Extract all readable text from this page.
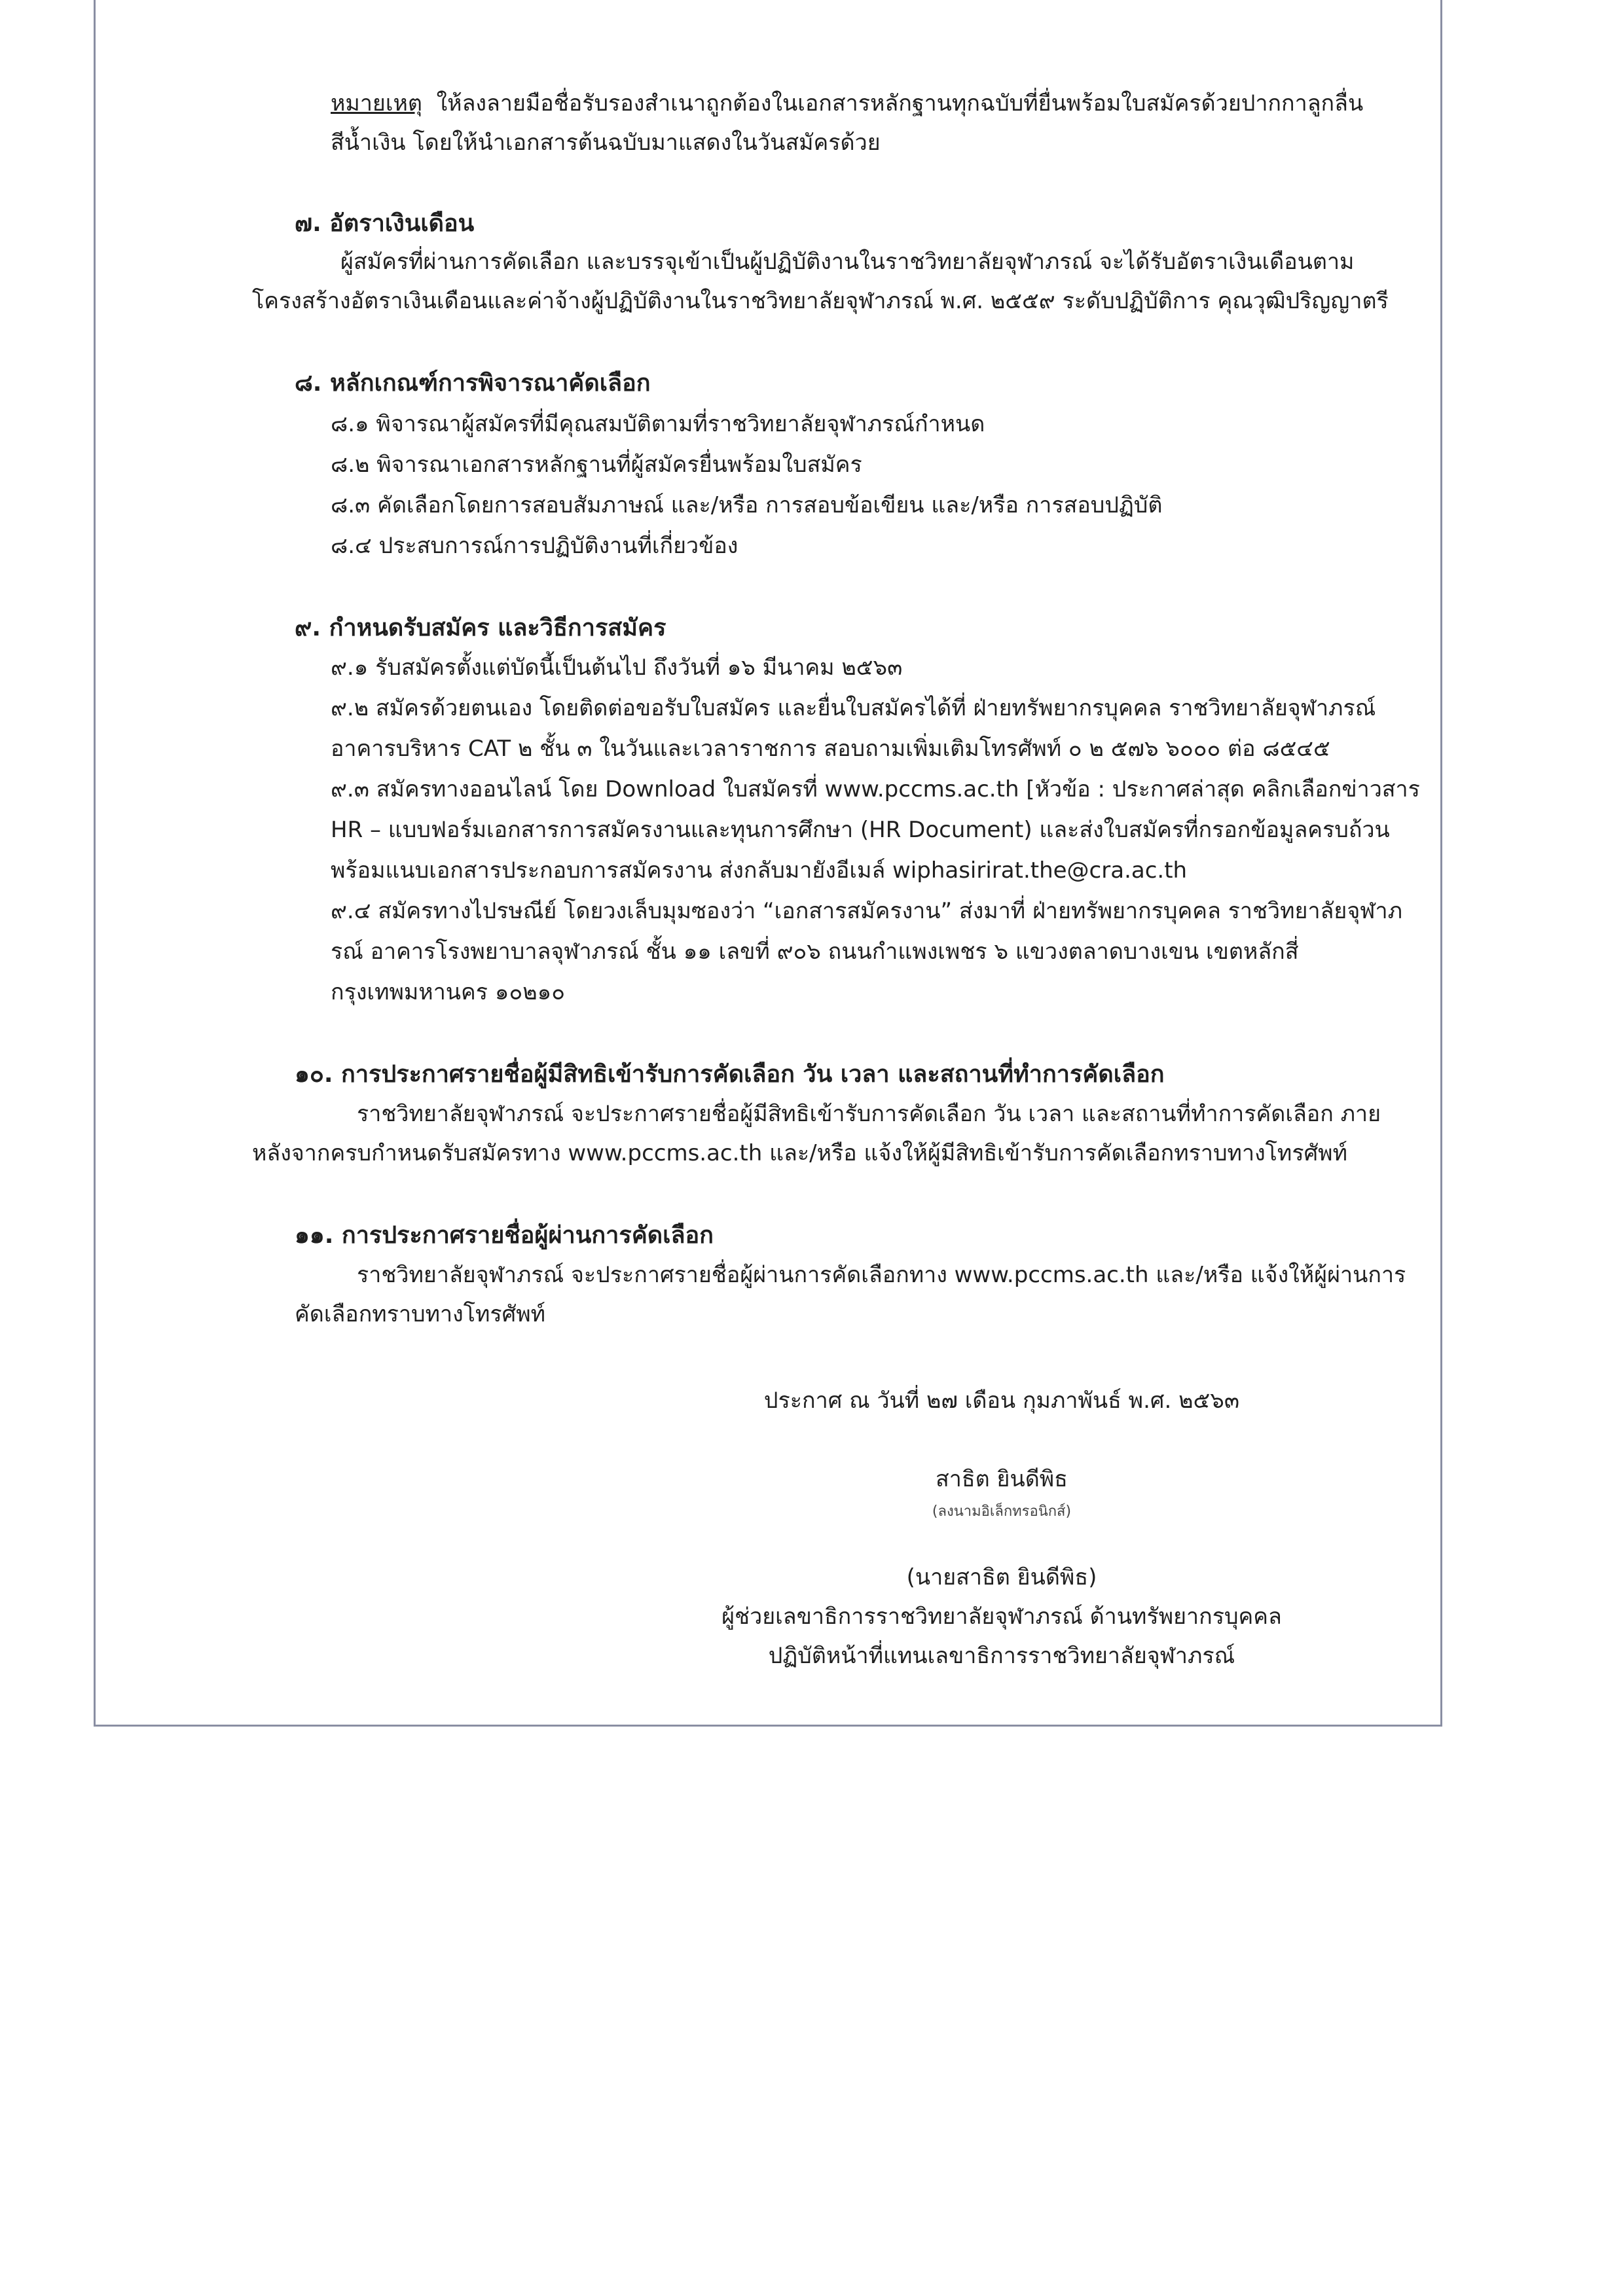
หมายเหตุ ให้ลงลายมือชื่อรับรองสำเนาถูกต้องในเอกสารหลักฐานทุกฉบับที่ยื่นพร้อมใบสมัครด้วยปากกาลูกลื่น
สีน้ำเงิน โดยให้นำเอกสารต้นฉบับมาแสดงในวันสมัครด้วย
๗. อัตราเงินเดือน
ผู้สมัครที่ผ่านการคัดเลือก และบรรจุเข้าเป็นผู้ปฏิบัติงานในราชวิทยาลัยจุฬาภรณ์ จะได้รับอัตราเงินเดือนตาม
โครงสร้างอัตราเงินเดือนและค่าจ้างผู้ปฏิบัติงานในราชวิทยาลัยจุฬาภรณ์ พ.ศ. ๒๕๕๙ ระดับปฏิบัติการ คุณวุฒิปริญญาตรี
๘. หลักเกณฑ์การพิจารณาคัดเลือก
๘.๑ พิจารณาผู้สมัครที่มีคุณสมบัติตามที่ราชวิทยาลัยจุฬาภรณ์กำหนด
๘.๒ พิจารณาเอกสารหลักฐานที่ผู้สมัครยื่นพร้อมใบสมัคร
๘.๓ คัดเลือกโดยการสอบสัมภาษณ์ และ/หรือ การสอบข้อเขียน และ/หรือ การสอบปฏิบัติ
๘.๔ ประสบการณ์การปฏิบัติงานที่เกี่ยวข้อง
๙. กำหนดรับสมัคร และวิธีการสมัคร
๙.๑ รับสมัครตั้งแต่บัดนี้เป็นต้นไป ถึงวันที่ ๑๖ มีนาคม ๒๕๖๓
๙.๒ สมัครด้วยตนเอง โดยติดต่อขอรับใบสมัคร และยื่นใบสมัครได้ที่ ฝ่ายทรัพยากรบุคคล ราชวิทยาลัยจุฬาภรณ์
อาคารบริหาร CAT ๒ ชั้น ๓ ในวันและเวลาราชการ สอบถามเพิ่มเติมโทรศัพท์ ๐ ๒ ๕๗๖ ๖๐๐๐ ต่อ ๘๕๔๕
๙.๓ สมัครทางออนไลน์ โดย Download ใบสมัครที่ www.pccms.ac.th [หัวข้อ : ประกาศล่าสุด คลิกเลือกข่าวสาร
HR – แบบฟอร์มเอกสารการสมัครงานและทุนการศึกษา (HR Document) และส่งใบสมัครที่กรอกข้อมูลครบถ้วน
พร้อมแนบเอกสารประกอบการสมัครงาน ส่งกลับมายังอีเมล์ wiphasirirat.the@cra.ac.th
๙.๔ สมัครทางไปรษณีย์ โดยวงเล็บมุมซองว่า “เอกสารสมัครงาน” ส่งมาที่ ฝ่ายทรัพยากรบุคคล ราชวิทยาลัยจุฬาภ
รณ์ อาคารโรงพยาบาลจุฬาภรณ์ ชั้น ๑๑ เลขที่ ๙๐๖ ถนนกำแพงเพชร ๖ แขวงตลาดบางเขน เขตหลักสี่
กรุงเทพมหานคร ๑๐๒๑๐
๑๐. การประกาศรายชื่อผู้มีสิทธิเข้ารับการคัดเลือก วัน เวลา และสถานที่ทำการคัดเลือก
ราชวิทยาลัยจุฬาภรณ์ จะประกาศรายชื่อผู้มีสิทธิเข้ารับการคัดเลือก วัน เวลา และสถานที่ทำการคัดเลือก ภาย
หลังจากครบกำหนดรับสมัครทาง www.pccms.ac.th และ/หรือ แจ้งให้ผู้มีสิทธิเข้ารับการคัดเลือกทราบทางโทรศัพท์
๑๑. การประกาศรายชื่อผู้ผ่านการคัดเลือก
ราชวิทยาลัยจุฬาภรณ์ จะประกาศรายชื่อผู้ผ่านการคัดเลือกทาง www.pccms.ac.th และ/หรือ แจ้งให้ผู้ผ่านการ
คัดเลือกทราบทางโทรศัพท์
ประกาศ ณ วันที่ ๒๗ เดือน กุมภาพันธ์ พ.ศ. ๒๕๖๓
สาธิต ยินดีพิธ
(ลงนามอิเล็กทรอนิกส์)
(นายสาธิต ยินดีพิธ)
ผู้ช่วยเลขาธิการราชวิทยาลัยจุฬาภรณ์ ด้านทรัพยากรบุคคล
ปฏิบัติหน้าที่แทนเลขาธิการราชวิทยาลัยจุฬาภรณ์
